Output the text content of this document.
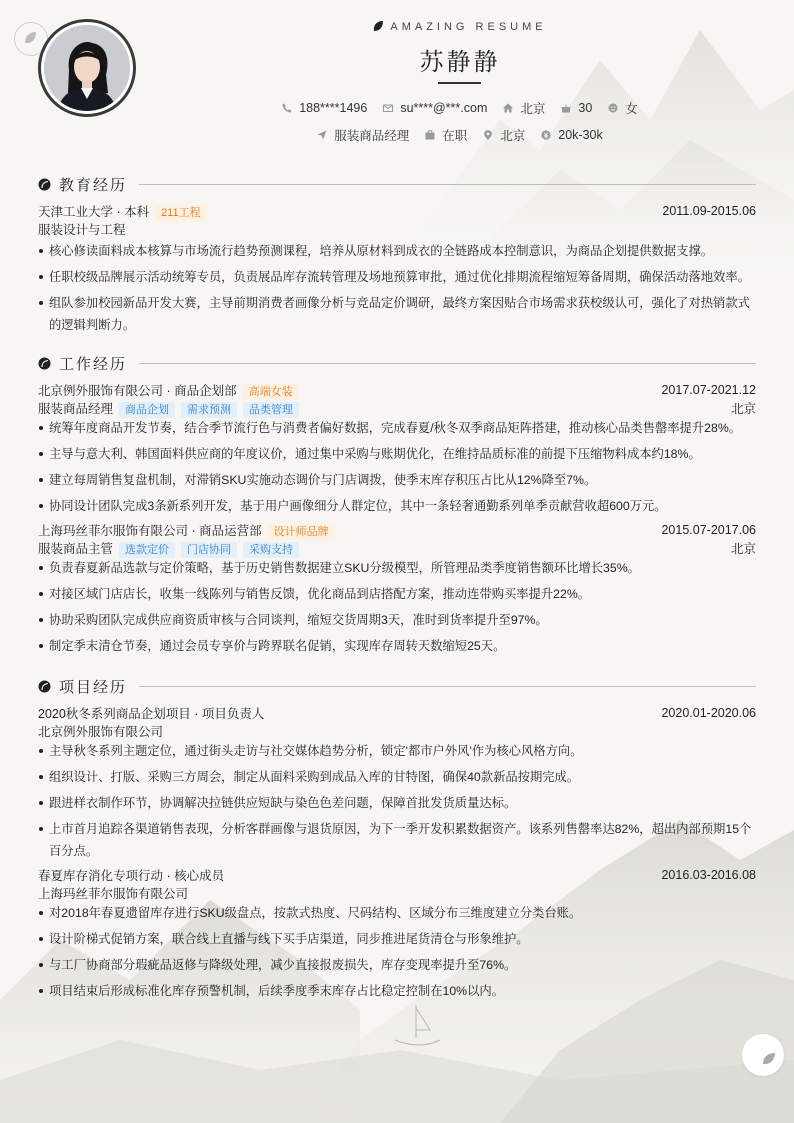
AMAZING RESUME
苏静静
188****1496	su****@***.com	北京	30	女
服装商品经理	在职	北京	20k-30k
教育经历
天津工业大学 · 本科 211工程	2011.09-2015.06
服装设计与工程
核心修读面料成本核算与市场流行趋势预测课程，培养从原材料到成衣的全链路成本控制意识，为商品企划提供数据支撑。
任职校级品牌展示活动统筹专员，负责展品库存流转管理及场地预算审批，通过优化排期流程缩短筹备周期，确保活动落地效率。
组队参加校园新品开发大赛，主导前期消费者画像分析与竞品定价调研，最终方案因贴合市场需求获校级认可，强化了对热销款式的逻辑判断力。
工作经历
北京例外服饰有限公司 · 商品企划部 高端女装	2017.07-2021.12
服装商品经理 商品企划 需求预测 品类管理	北京
统筹年度商品开发节奏，结合季节流行色与消费者偏好数据，完成春夏/秋冬双季商品矩阵搭建，推动核心品类售罄率提升28%。
主导与意大利、韩国面料供应商的年度议价，通过集中采购与账期优化，在维持品质标准的前提下压缩物料成本约18%。
建立每周销售复盘机制，对滞销SKU实施动态调价与门店调拨，使季末库存积压占比从12%降至7%。
协同设计团队完成3条新系列开发，基于用户画像细分人群定位，其中一条轻奢通勤系列单季贡献营收超600万元。
上海玛丝菲尔服饰有限公司 · 商品运营部 设计师品牌	2015.07-2017.06
服装商品主管 选款定价 门店协同 采购支持	北京
负责春夏新品选款与定价策略，基于历史销售数据建立SKU分级模型，所管理品类季度销售额环比增长35%。
对接区域门店店长，收集一线陈列与销售反馈，优化商品到店搭配方案，推动连带购买率提升22%。
协助采购团队完成供应商资质审核与合同谈判，缩短交货周期3天，准时到货率提升至97%。
制定季末清仓节奏，通过会员专享价与跨界联名促销，实现库存周转天数缩短25天。
项目经历
2020秋冬系列商品企划项目 · 项目负责人	2020.01-2020.06
北京例外服饰有限公司
主导秋冬系列主题定位，通过街头走访与社交媒体趋势分析，锁定'都市户外风'作为核心风格方向。
组织设计、打版、采购三方周会，制定从面料采购到成品入库的甘特图，确保40款新品按期完成。
跟进样衣制作环节，协调解决拉链供应短缺与染色色差问题，保障首批发货质量达标。
上市首月追踪各渠道销售表现，分析客群画像与退货原因，为下一季开发积累数据资产。该系列售罄率达82%，超出内部预期15个百分点。
春夏库存消化专项行动 · 核心成员	2016.03-2016.08
上海玛丝菲尔服饰有限公司
对2018年春夏遗留库存进行SKU级盘点，按款式热度、尺码结构、区域分布三维度建立分类台账。
设计阶梯式促销方案，联合线上直播与线下买手店渠道，同步推进尾货清仓与形象维护。
与工厂协商部分瑕疵品返修与降级处理，减少直接报废损失，库存变现率提升至76%。
项目结束后形成标准化库存预警机制，后续季度季末库存占比稳定控制在10%以内。
